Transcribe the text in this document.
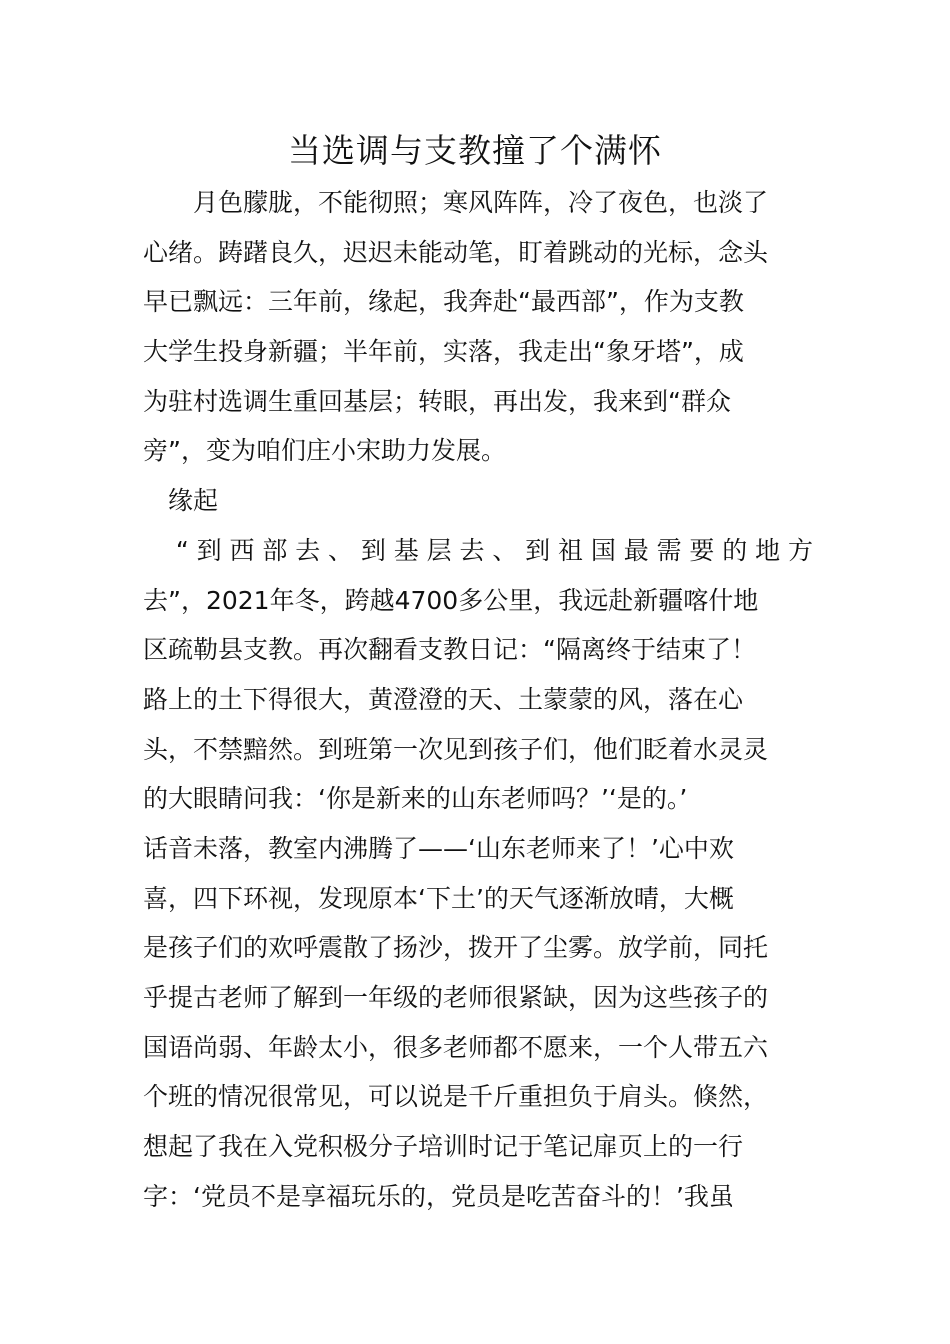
当选调与支教撞了个满怀
　　月色朦胧，不能彻照；寒风阵阵，冷了夜色，也淡了
心绪。踌躇良久，迟迟未能动笔，盯着跳动的光标，念头
早已飘远：三年前，缘起，我奔赴“最西部”，作为支教
大学生投身新疆；半年前，实落，我走出“象牙塔”，成
为驻村选调生重回基层；转眼，再出发，我来到“群众
旁”，变为咱们庄小宋助力发展。
　缘起
　“到西部去、到基层去、到祖国最需要的地方
去”，2021年冬，跨越4700多公里，我远赴新疆喀什地
区疏勒县支教。再次翻看支教日记：“隔离终于结束了！
路上的土下得很大，黄澄澄的天、土蒙蒙的风，落在心
头，不禁黯然。到班第一次见到孩子们，他们眨着水灵灵
的大眼睛问我：‘你是新来的山东老师吗？’‘是的。’
话音未落，教室内沸腾了——‘山东老师来了！’心中欢
喜，四下环视，发现原本‘下土’的天气逐渐放晴，大概
是孩子们的欢呼震散了扬沙，拨开了尘雾。放学前，同托
乎提古老师了解到一年级的老师很紧缺，因为这些孩子的
国语尚弱、年龄太小，很多老师都不愿来，一个人带五六
个班的情况很常见，可以说是千斤重担负于肩头。倏然，
想起了我在入党积极分子培训时记于笔记扉页上的一行
字：‘党员不是享福玩乐的，党员是吃苦奋斗的！’我虽
